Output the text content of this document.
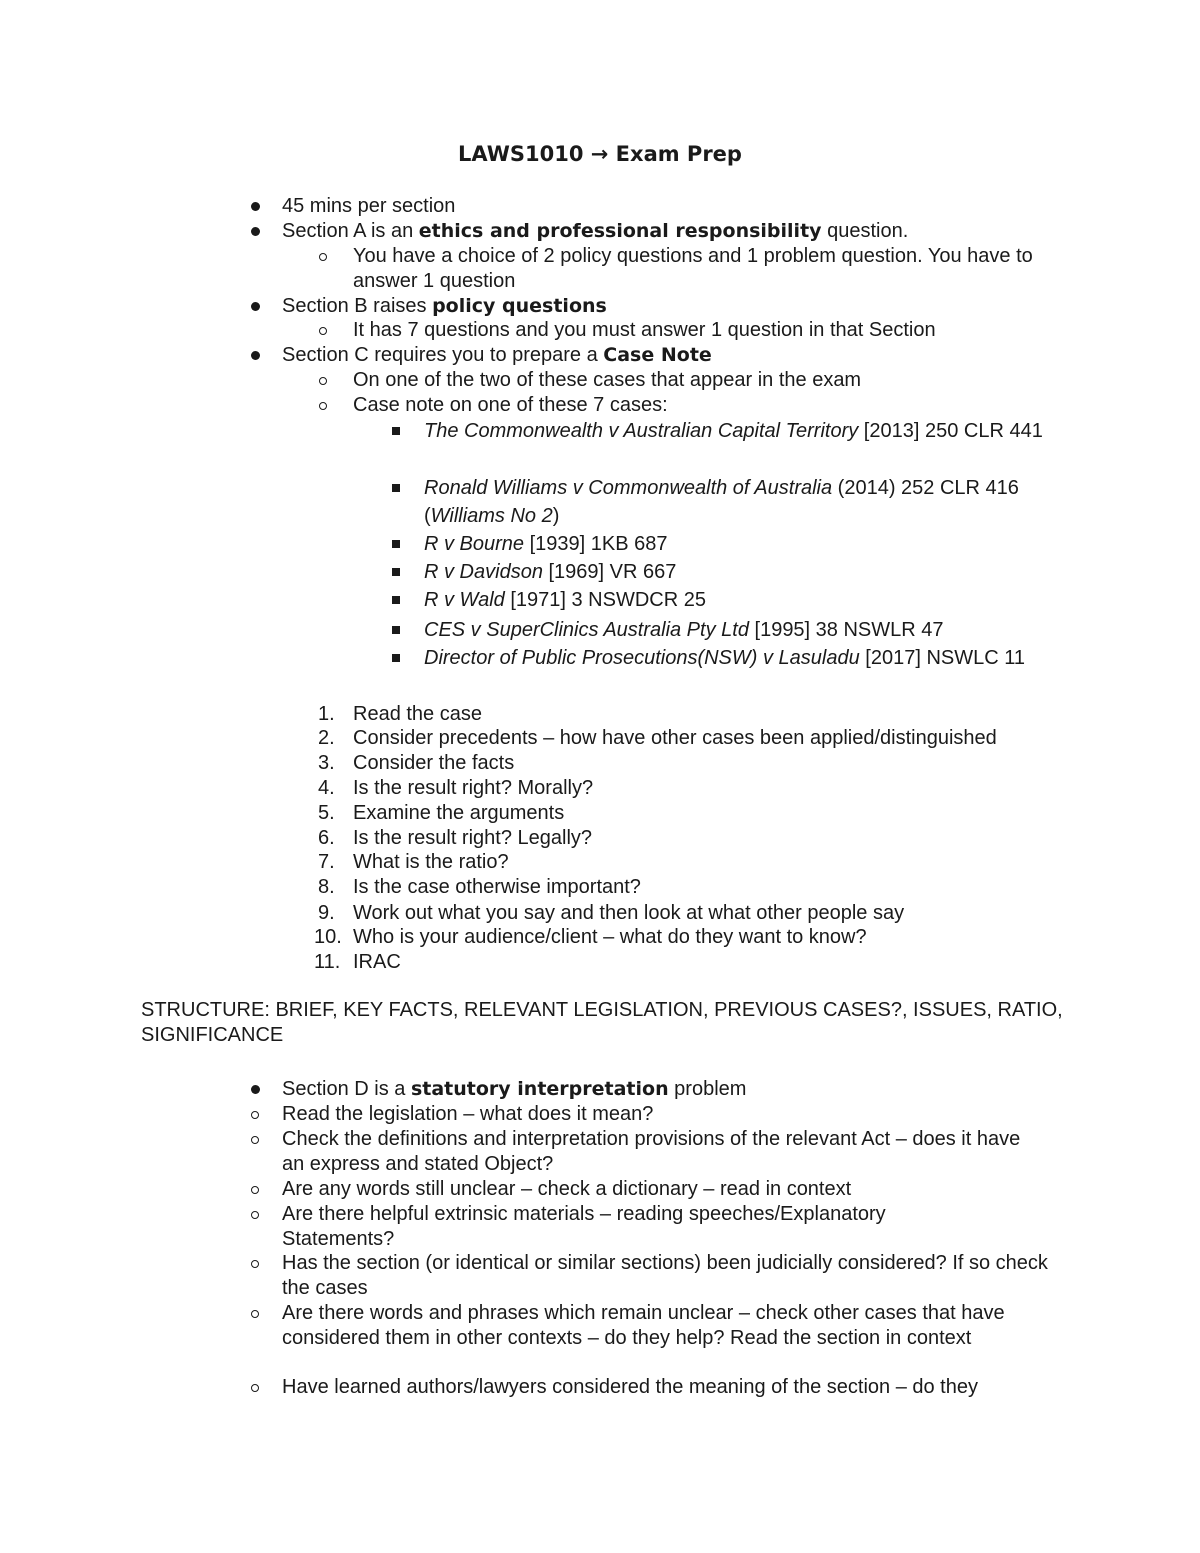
LAWS1010 → Exam Prep
45 mins per section
Section A is an ethics and professional responsibility question.
You have a choice of 2 policy questions and 1 problem question. You have to answer 1 question
Section B raises policy questions
It has 7 questions and you must answer 1 question in that Section
Section C requires you to prepare a Case Note
On one of the two of these cases that appear in the exam
Case note on one of these 7 cases:
The Commonwealth v Australian Capital Territory [2013] 250 CLR 441
Ronald Williams v Commonwealth of Australia (2014) 252 CLR 416 (Williams No 2)
R v Bourne [1939] 1KB 687
R v Davidson [1969] VR 667
R v Wald [1971] 3 NSWDCR 25
CES v SuperClinics Australia Pty Ltd [1995] 38 NSWLR 47
Director of Public Prosecutions(NSW) v Lasuladu [2017] NSWLC 11
1. Read the case
2. Consider precedents – how have other cases been applied/distinguished
3. Consider the facts
4. Is the result right? Morally?
5. Examine the arguments
6. Is the result right? Legally?
7. What is the ratio?
8. Is the case otherwise important?
9. Work out what you say and then look at what other people say
10. Who is your audience/client – what do they want to know?
11. IRAC
STRUCTURE: BRIEF, KEY FACTS, RELEVANT LEGISLATION, PREVIOUS CASES?, ISSUES, RATIO, SIGNIFICANCE
Section D is a statutory interpretation problem
Read the legislation – what does it mean?
Check the definitions and interpretation provisions of the relevant Act – does it have an express and stated Object?
Are any words still unclear – check a dictionary – read in context
Are there helpful extrinsic materials – reading speeches/Explanatory Statements?
Has the section (or identical or similar sections) been judicially considered? If so check the cases
Are there words and phrases which remain unclear – check other cases that have considered them in other contexts – do they help? Read the section in context
Have learned authors/lawyers considered the meaning of the section – do they
